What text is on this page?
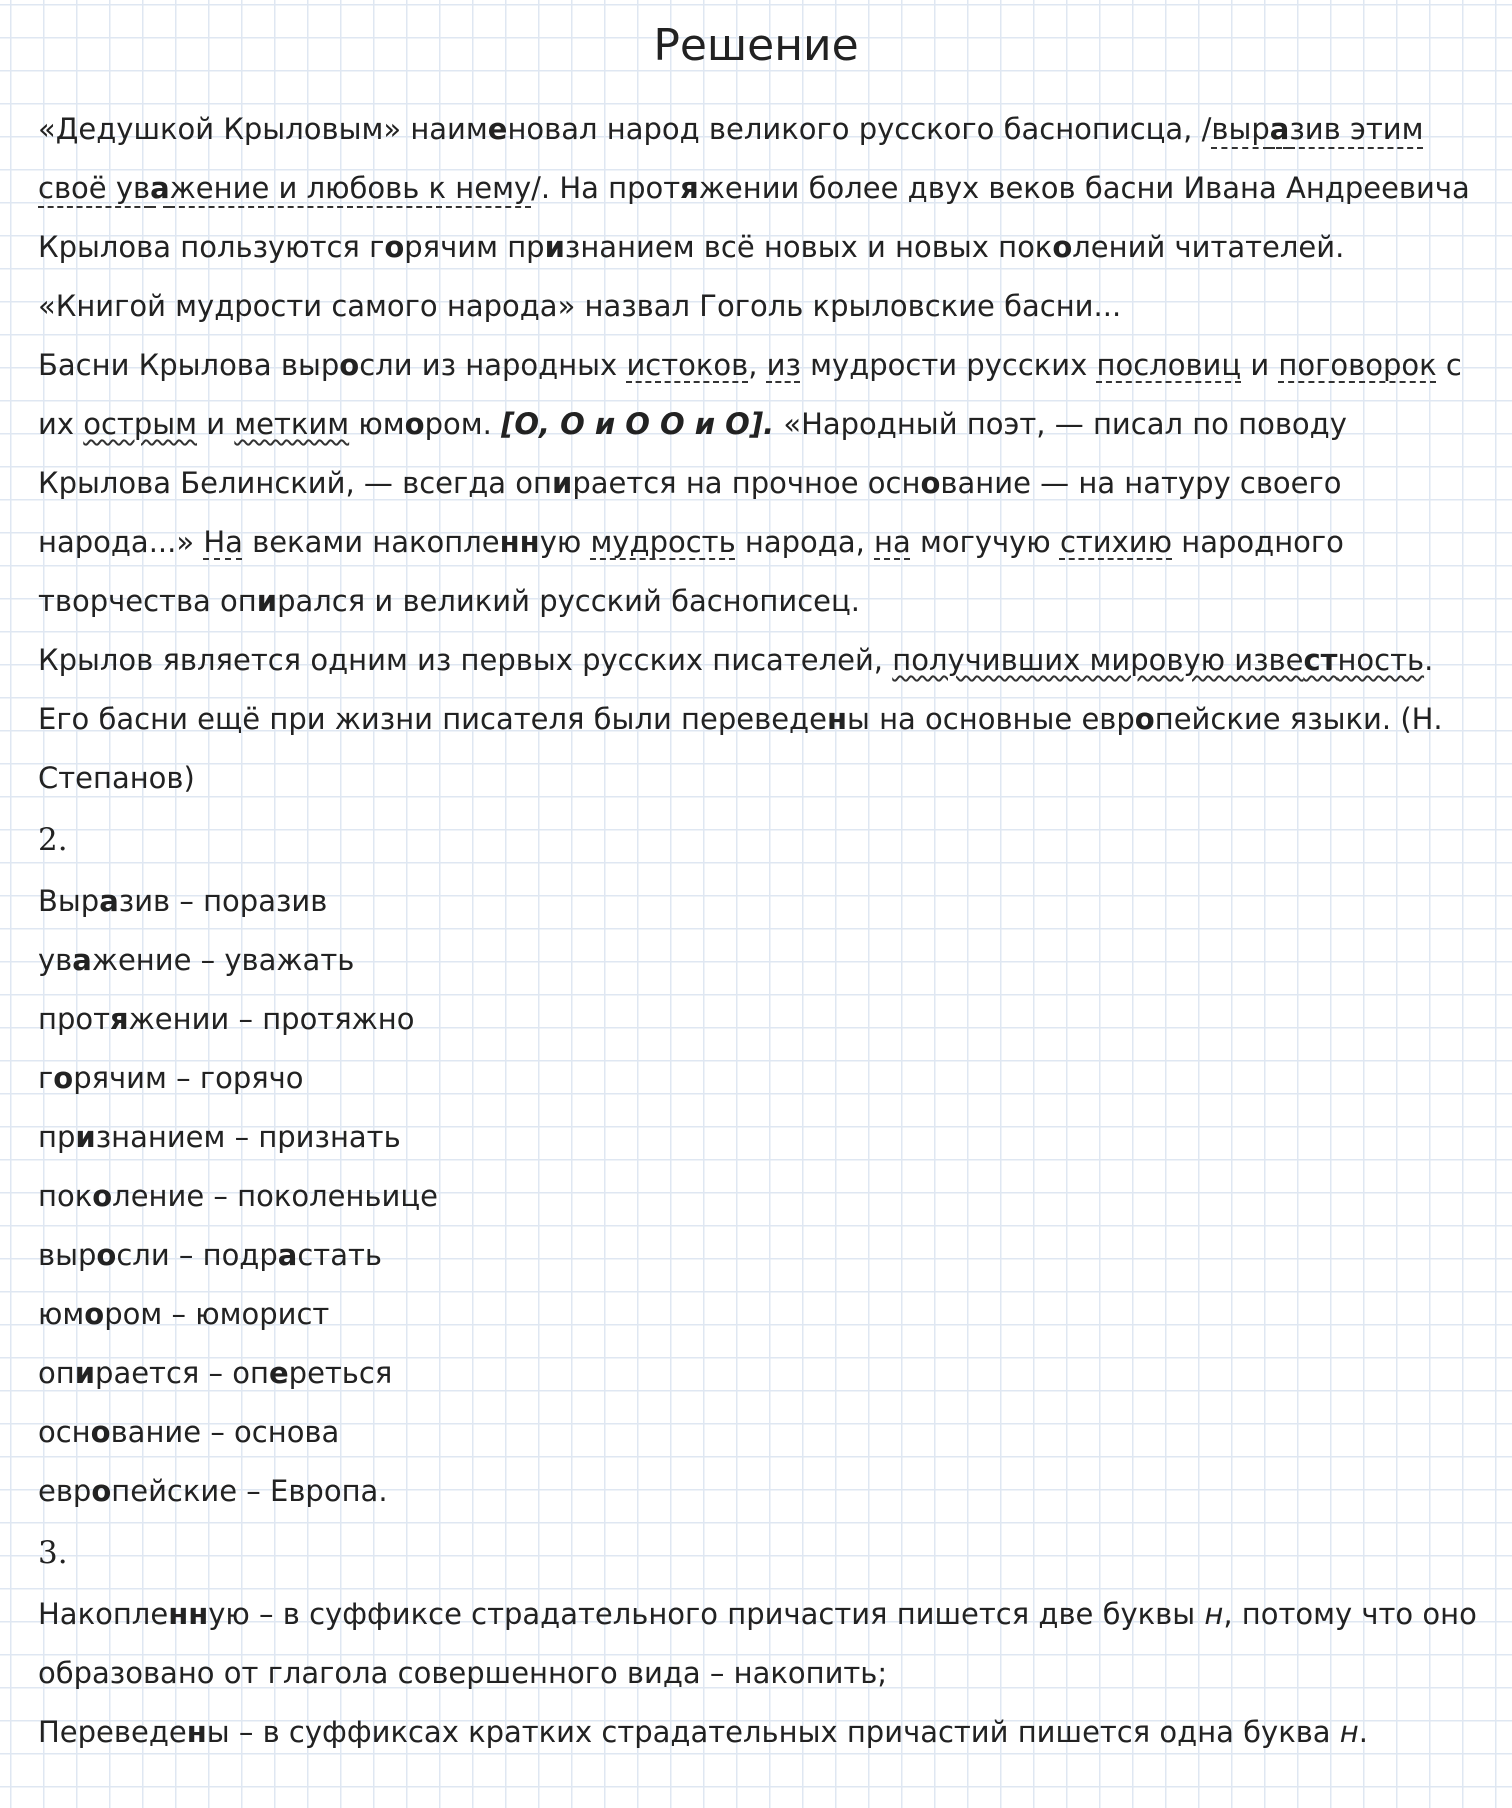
Решение

«Дедушкой Крыловым» наименовал народ великого русского баснописца, /выразив этим своё уважение и любовь к нему/. На протяжении более двух веков басни Ивана Андреевича Крылова пользуются горячим признанием всё новых и новых поколений читателей. «Книгой мудрости самого народа» назвал Гоголь крыловские басни...

Басни Крылова выросли из народных истоков, из мудрости русских пословиц и поговорок с их острым и метким юмором. [О, О и О О и О]. «Народный поэт, — писал по поводу Крылова Белинский, — всегда опирается на прочное основание — на натуру своего народа...» На веками накопленную мудрость народа, на могучую стихию народного творчества опирался и великий русский баснописец.

Крылов является одним из первых русских писателей, получивших мировую известность. Его басни ещё при жизни писателя были переведены на основные европейские языки. (Н. Степанов)

2.

Выразив – поразив

уважение – уважать

протяжении – протяжно

горячим – горячо

признанием – признать

поколение – поколеньице

выросли – подрастать

юмором – юморист

опирается – опереться

основание – основа

европейские – Европа.

3.

Накопленную – в суффиксе страдательного причастия пишется две буквы н, потому что оно образовано от глагола совершенного вида – накопить;

Переведены – в суффиксах кратких страдательных причастий пишется одна буква н.
